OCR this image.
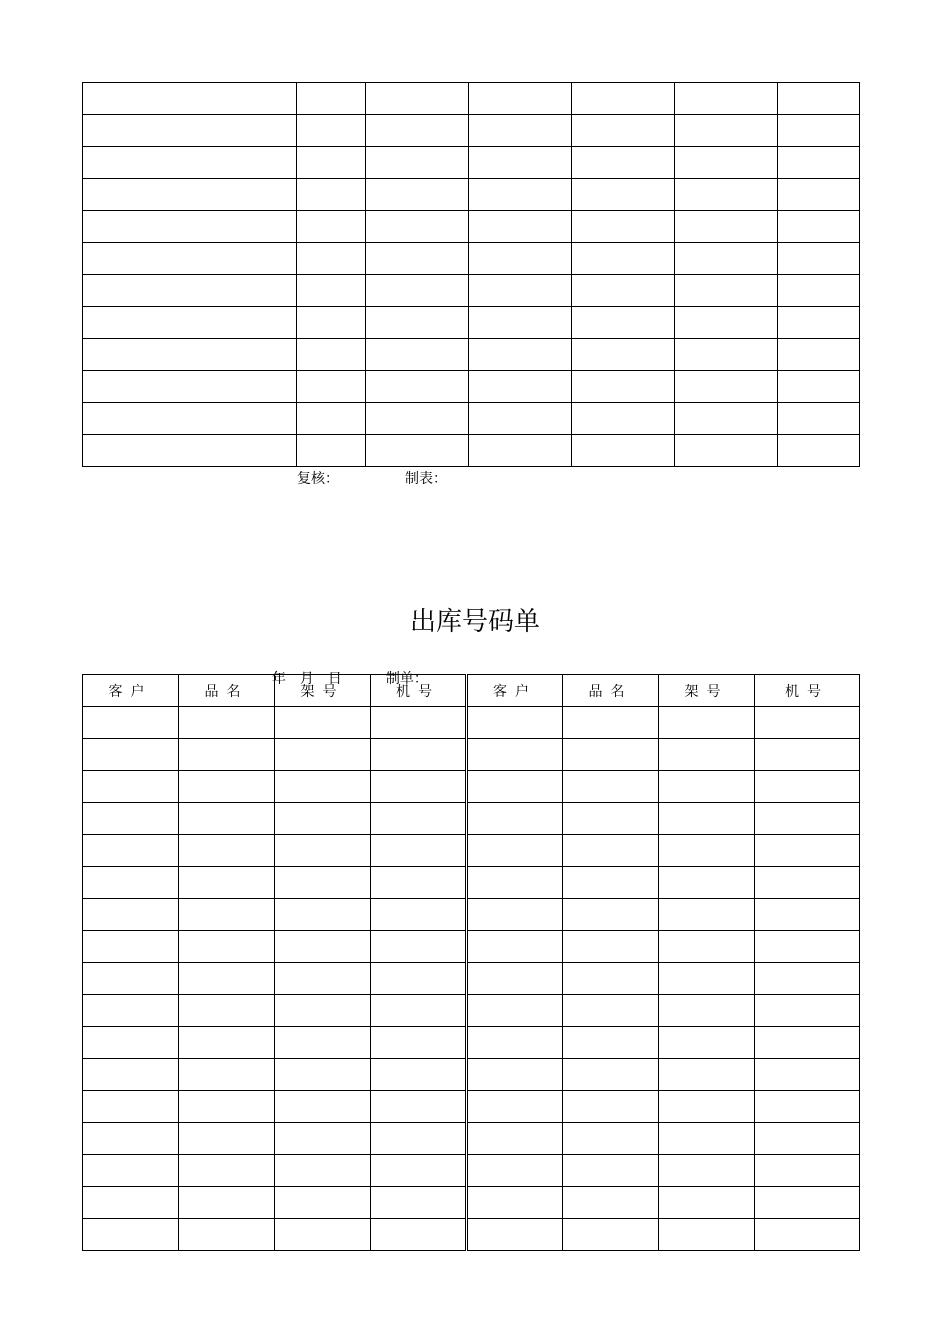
复核：	制表：
出库号码单

年 月 日	制单：

客户	品名	架号	机号	客户	品名	架号	机号
